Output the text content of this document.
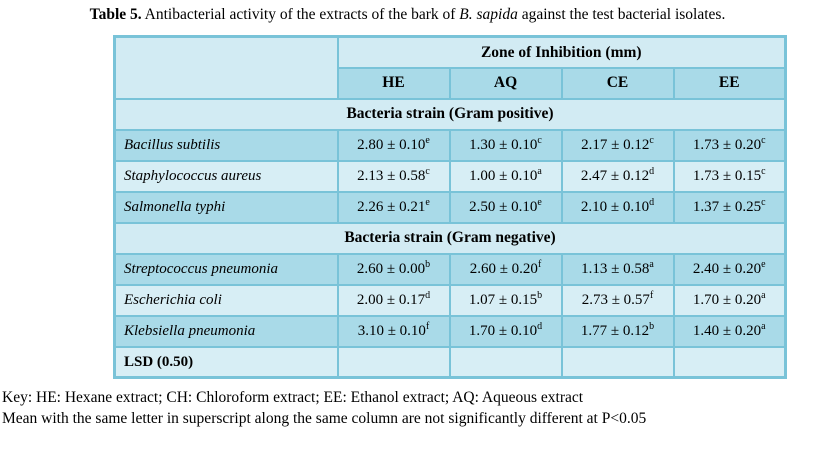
Table 5. Antibacterial activity of the extracts of the bark of B. sapida against the test bacterial isolates.
	Zone of Inhibition (mm)			
	HE	AQ	CE	EE
Bacteria strain (Gram positive)				
Bacillus subtilis	2.80 ± 0.10$^e$	1.30 ± 0.10$^c$	2.17 ± 0.12$^c$	1.73 ± 0.20$^c$
Staphylococcus aureus	2.13 ± 0.58$^c$	1.00 ± 0.10$^a$	2.47 ± 0.12$^d$	1.73 ± 0.15$^c$
Salmonella typhi	2.26 ± 0.21$^e$	2.50 ± 0.10$^e$	2.10 ± 0.10$^d$	1.37 ± 0.25$^c$
Bacteria strain (Gram negative)				
Streptococcus pneumonia	2.60 ± 0.00$^b$	2.60 ± 0.20$^f$	1.13 ± 0.58$^a$	2.40 ± 0.20$^e$
Escherichia coli	2.00 ± 0.17$^d$	1.07 ± 0.15$^b$	2.73 ± 0.57$^f$	1.70 ± 0.20$^a$
Klebsiella pneumonia	3.10 ± 0.10$^f$	1.70 ± 0.10$^d$	1.77 ± 0.12$^b$	1.40 ± 0.20$^a$
LSD (0.50)				
Key: HE: Hexane extract; CH: Chloroform extract; EE: Ethanol extract; AQ: Aqueous extract
Mean with the same letter in superscript along the same column are not significantly different at P<0.05
